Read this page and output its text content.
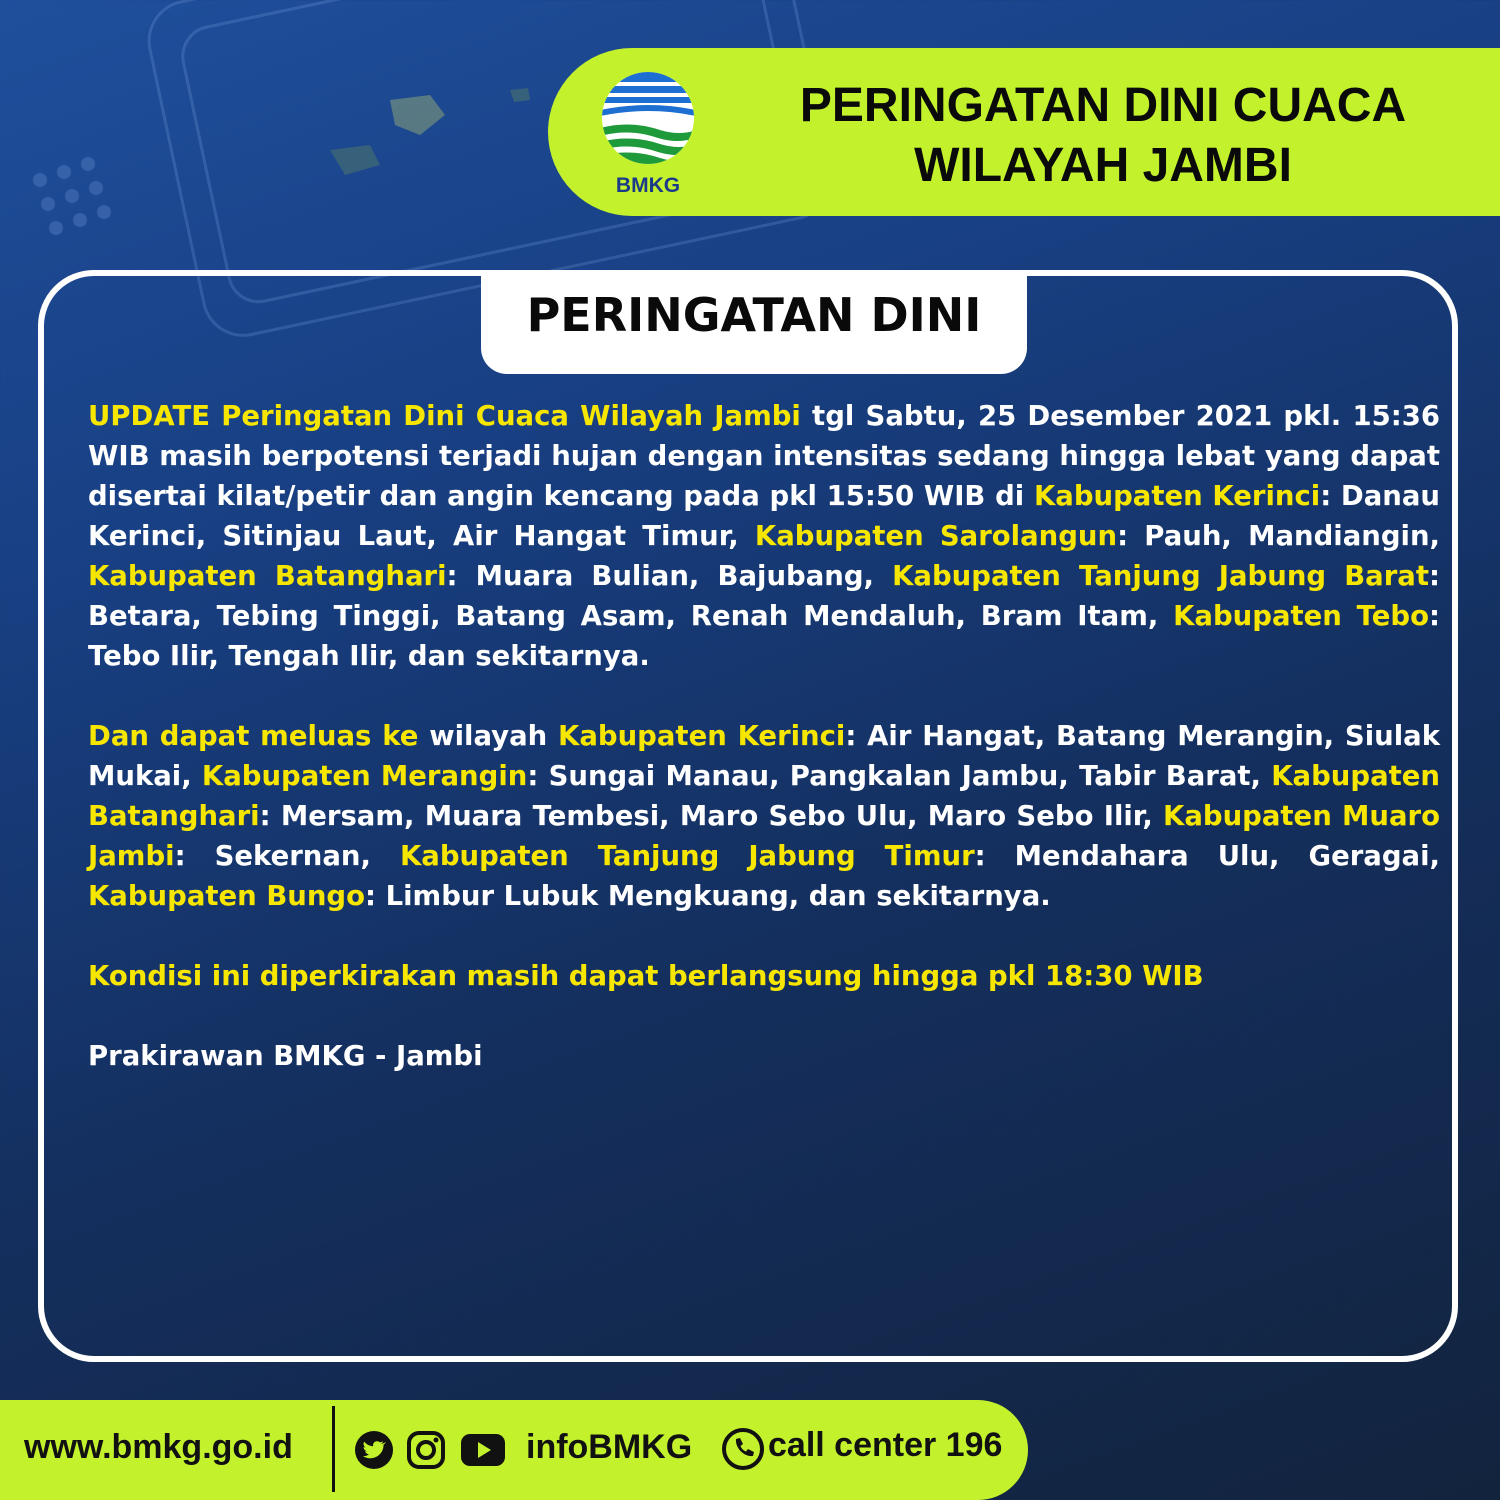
BMKG
PERINGATAN DINI CUACA
WILAYAH JAMBI
PERINGATAN DINI

UPDATE Peringatan Dini Cuaca Wilayah Jambi tgl Sabtu, 25 Desember 2021 pkl. 15:36 WIB masih berpotensi terjadi hujan dengan intensitas sedang hingga lebat yang dapat disertai kilat/petir dan angin kencang pada pkl 15:50 WIB di Kabupaten Kerinci: Danau Kerinci, Sitinjau Laut, Air Hangat Timur, Kabupaten Sarolangun: Pauh, Mandiangin, Kabupaten Batanghari: Muara Bulian, Bajubang, Kabupaten Tanjung Jabung Barat: Betara, Tebing Tinggi, Batang Asam, Renah Mendaluh, Bram Itam, Kabupaten Tebo: Tebo Ilir, Tengah Ilir, dan sekitarnya.

Dan dapat meluas ke wilayah Kabupaten Kerinci: Air Hangat, Batang Merangin, Siulak Mukai, Kabupaten Merangin: Sungai Manau, Pangkalan Jambu, Tabir Barat, Kabupaten Batanghari: Mersam, Muara Tembesi, Maro Sebo Ulu, Maro Sebo Ilir, Kabupaten Muaro Jambi: Sekernan, Kabupaten Tanjung Jabung Timur: Mendahara Ulu, Geragai, Kabupaten Bungo: Limbur Lubuk Mengkuang, dan sekitarnya.

Kondisi ini diperkirakan masih dapat berlangsung hingga pkl 18:30 WIB

Prakirawan BMKG - Jambi

www.bmkg.go.id	infoBMKG call center 196
